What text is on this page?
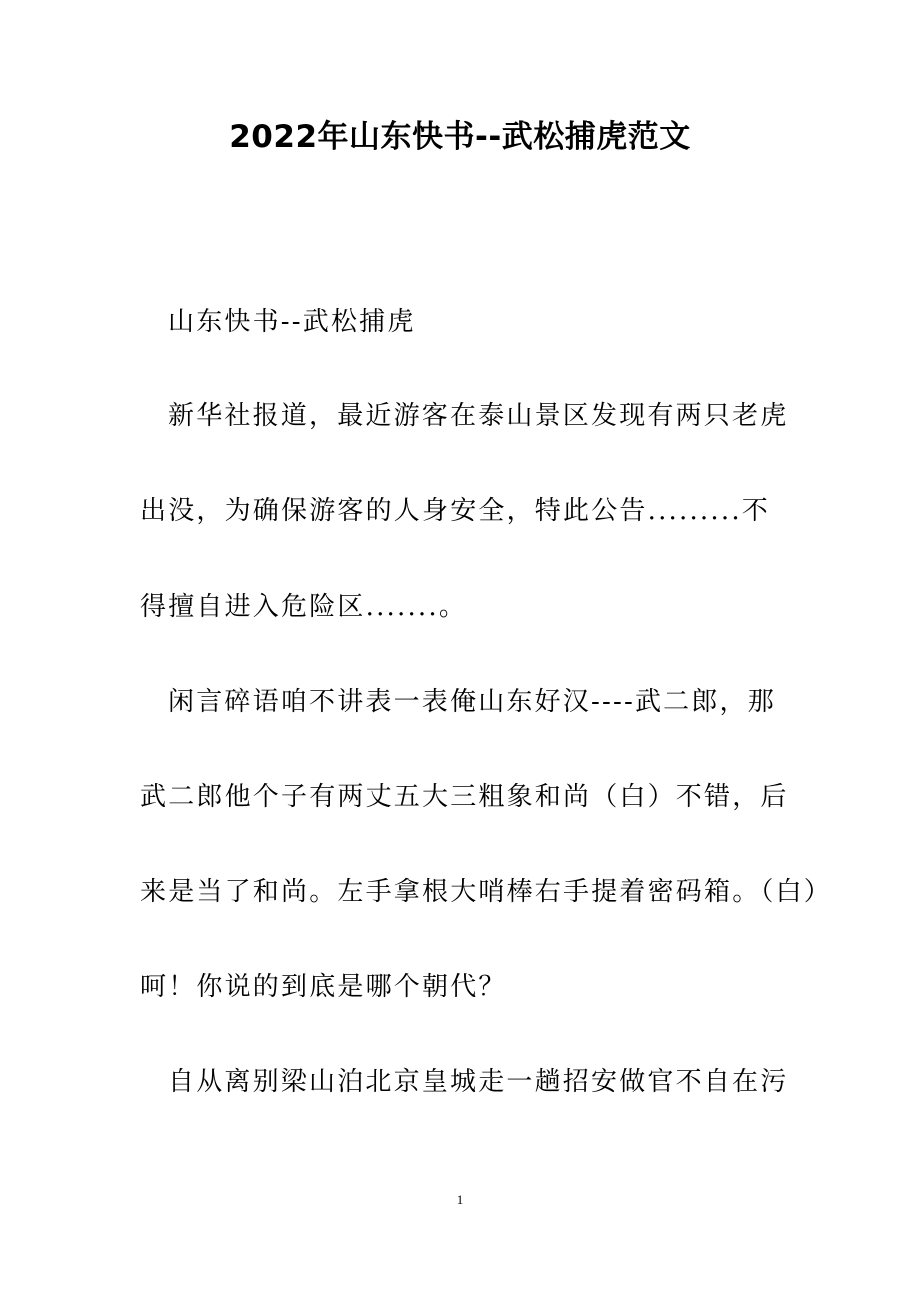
2022年山东快书--武松捕虎范文
山东快书--武松捕虎
新华社报道，最近游客在泰山景区发现有两只老虎
出没，为确保游客的人身安全，特此公告.........不
得擅自进入危险区.......。
闲言碎语咱不讲表一表俺山东好汉----武二郎，那
武二郎他个子有两丈五大三粗象和尚（白）不错，后
来是当了和尚。左手拿根大哨棒右手提着密码箱。（白）
呵！你说的到底是哪个朝代？
自从离别梁山泊北京皇城走一趟招安做官不自在污
1
